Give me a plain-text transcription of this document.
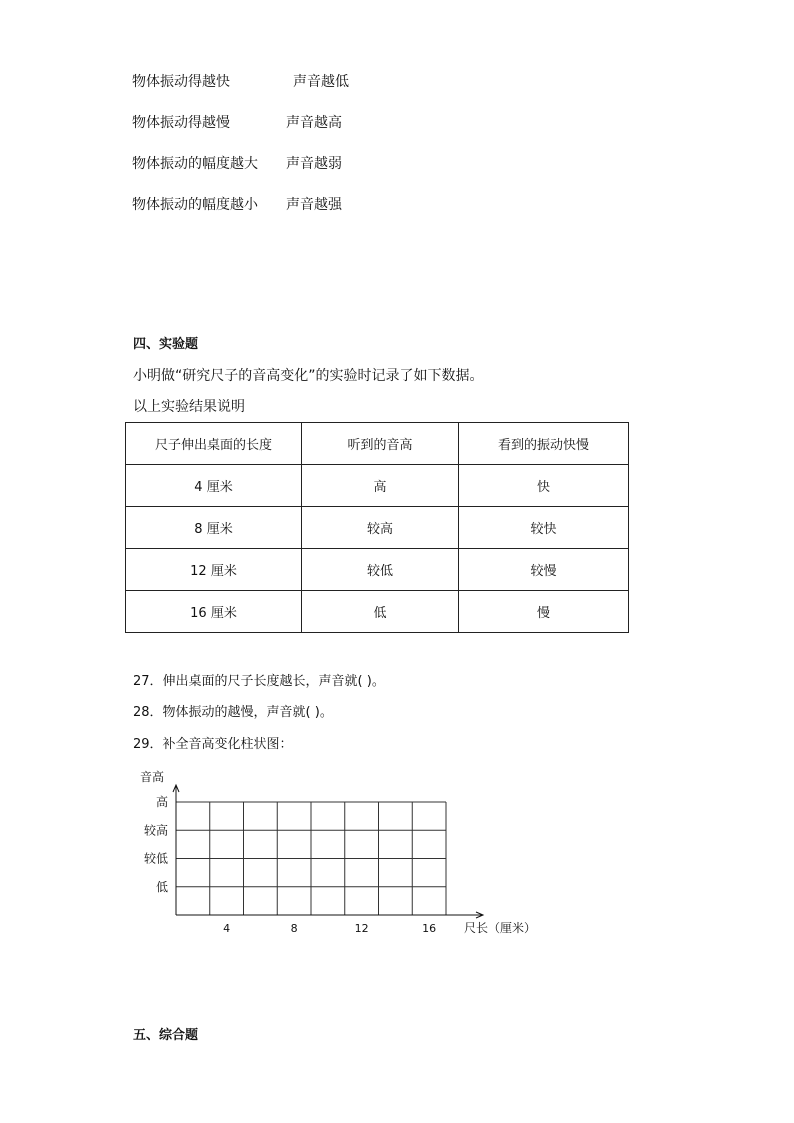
物体振动得越快	声音越低
物体振动得越慢	声音越高
物体振动的幅度越大 声音越弱
物体振动的幅度越小 声音越强
四、实验题
小明做“研究尺子的音高变化”的实验时记录了如下数据。
以上实验结果说明
尺子伸出桌面的长度	听到的音高	看到的振动快慢
4 厘米	高	快
8 厘米	较高	较快
12 厘米	较低	较慢
16 厘米	低	慢
27．伸出桌面的尺子长度越长，声音就( )。
28．物体振动的越慢，声音就( )。
29．补全音高变化柱状图：
音高
尺长（厘米）
低
较低
较高
高
4	8	12	16
五、综合题
